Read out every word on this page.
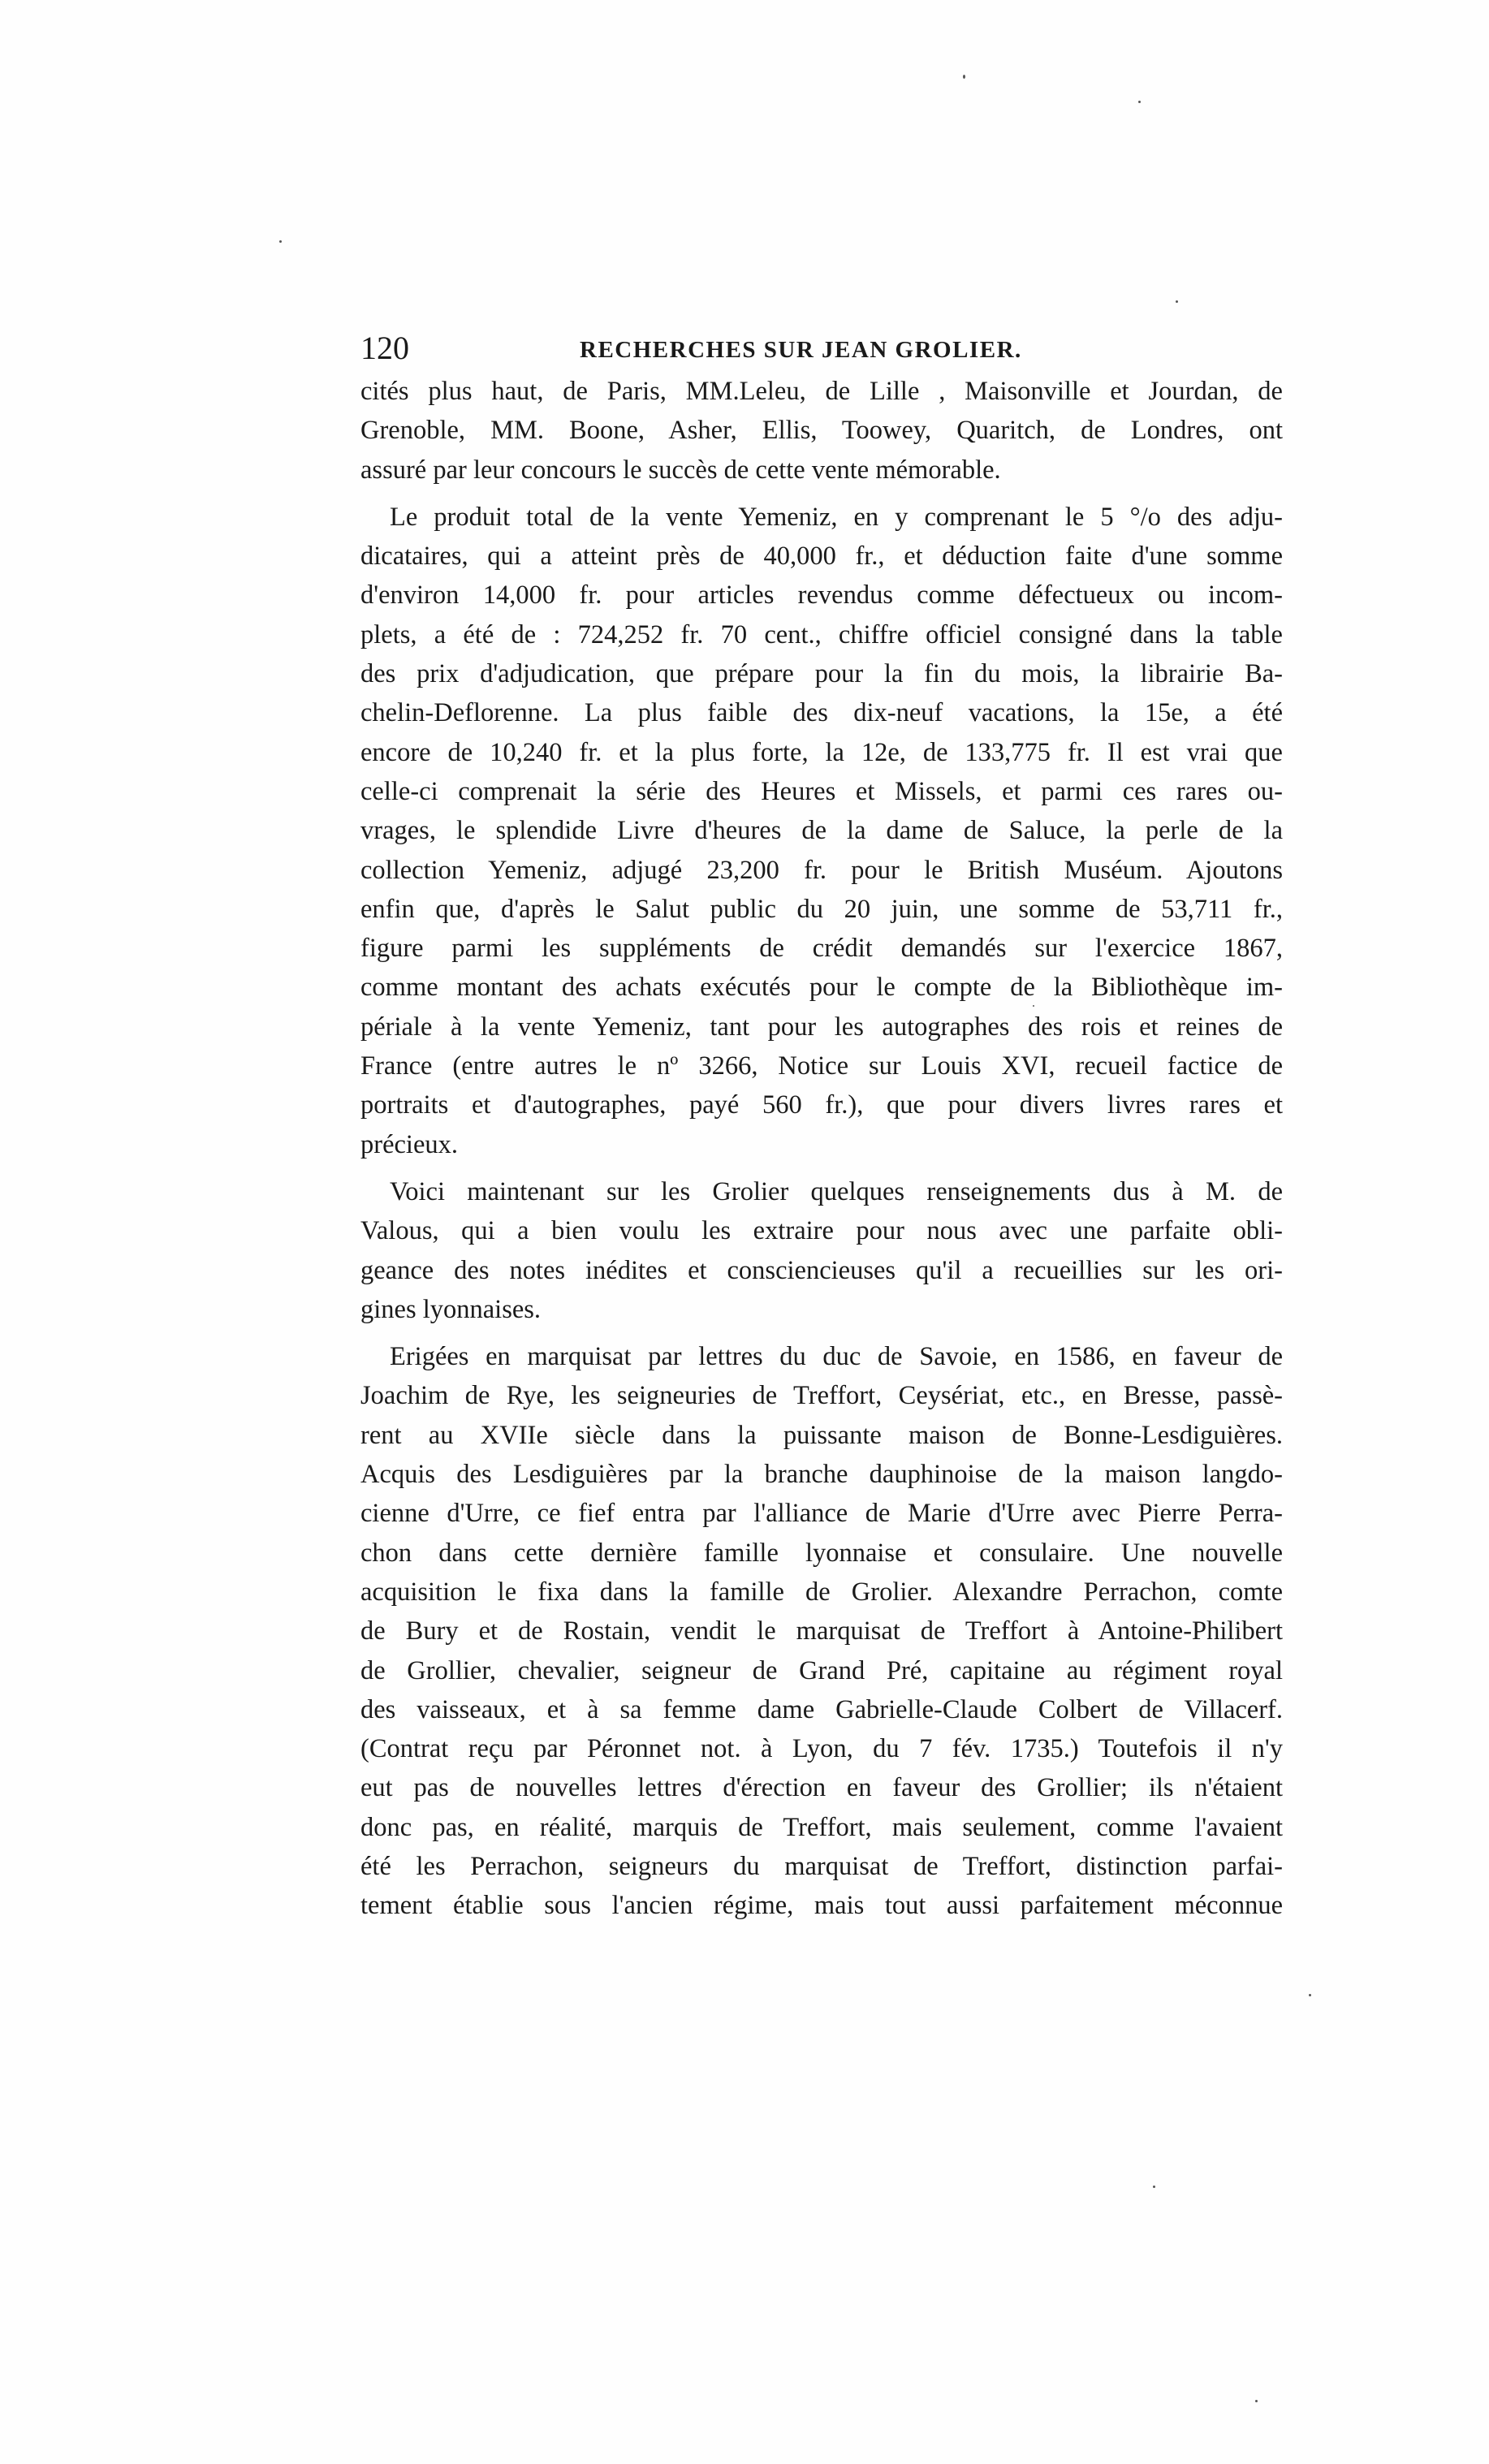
120	RECHERCHES SUR JEAN GROLIER.
cités plus haut, de Paris, MM.Leleu, de Lille , Maisonville et Jourdan, de
Grenoble, MM. Boone, Asher, Ellis, Toowey, Quaritch, de Londres, ont
assuré par leur concours le succès de cette vente mémorable.
Le produit total de la vente Yemeniz, en y comprenant le 5 °/o des adju-
dicataires, qui a atteint près de 40,000 fr., et déduction faite d'une somme
d'environ 14,000 fr. pour articles revendus comme défectueux ou incom-
plets, a été de : 724,252 fr. 70 cent., chiffre officiel consigné dans la table
des prix d'adjudication, que prépare pour la fin du mois, la librairie Ba-
chelin-Deflorenne. La plus faible des dix-neuf vacations, la 15e, a été
encore de 10,240 fr. et la plus forte, la 12e, de 133,775 fr. Il est vrai que
celle-ci comprenait la série des Heures et Missels, et parmi ces rares ou-
vrages, le splendide Livre d'heures de la dame de Saluce, la perle de la
collection Yemeniz, adjugé 23,200 fr. pour le British Muséum. Ajoutons
enfin que, d'après le Salut public du 20 juin, une somme de 53,711 fr.,
figure parmi les suppléments de crédit demandés sur l'exercice 1867,
comme montant des achats exécutés pour le compte de la Bibliothèque im-
périale à la vente Yemeniz, tant pour les autographes des rois et reines de
France (entre autres le nº 3266, Notice sur Louis XVI, recueil factice de
portraits et d'autographes, payé 560 fr.), que pour divers livres rares et
précieux.
Voici maintenant sur les Grolier quelques renseignements dus à M. de
Valous, qui a bien voulu les extraire pour nous avec une parfaite obli-
geance des notes inédites et consciencieuses qu'il a recueillies sur les ori-
gines lyonnaises.
Erigées en marquisat par lettres du duc de Savoie, en 1586, en faveur de
Joachim de Rye, les seigneuries de Treffort, Ceysériat, etc., en Bresse, passè-
rent au XVIIe siècle dans la puissante maison de Bonne-Lesdiguières.
Acquis des Lesdiguières par la branche dauphinoise de la maison langdo-
cienne d'Urre, ce fief entra par l'alliance de Marie d'Urre avec Pierre Perra-
chon dans cette dernière famille lyonnaise et consulaire. Une nouvelle
acquisition le fixa dans la famille de Grolier. Alexandre Perrachon, comte
de Bury et de Rostain, vendit le marquisat de Treffort à Antoine-Philibert
de Grollier, chevalier, seigneur de Grand Pré, capitaine au régiment royal
des vaisseaux, et à sa femme dame Gabrielle-Claude Colbert de Villacerf.
(Contrat reçu par Péronnet not. à Lyon, du 7 fév. 1735.) Toutefois il n'y
eut pas de nouvelles lettres d'érection en faveur des Grollier; ils n'étaient
donc pas, en réalité, marquis de Treffort, mais seulement, comme l'avaient
été les Perrachon, seigneurs du marquisat de Treffort, distinction parfai-
tement établie sous l'ancien régime, mais tout aussi parfaitement méconnue
